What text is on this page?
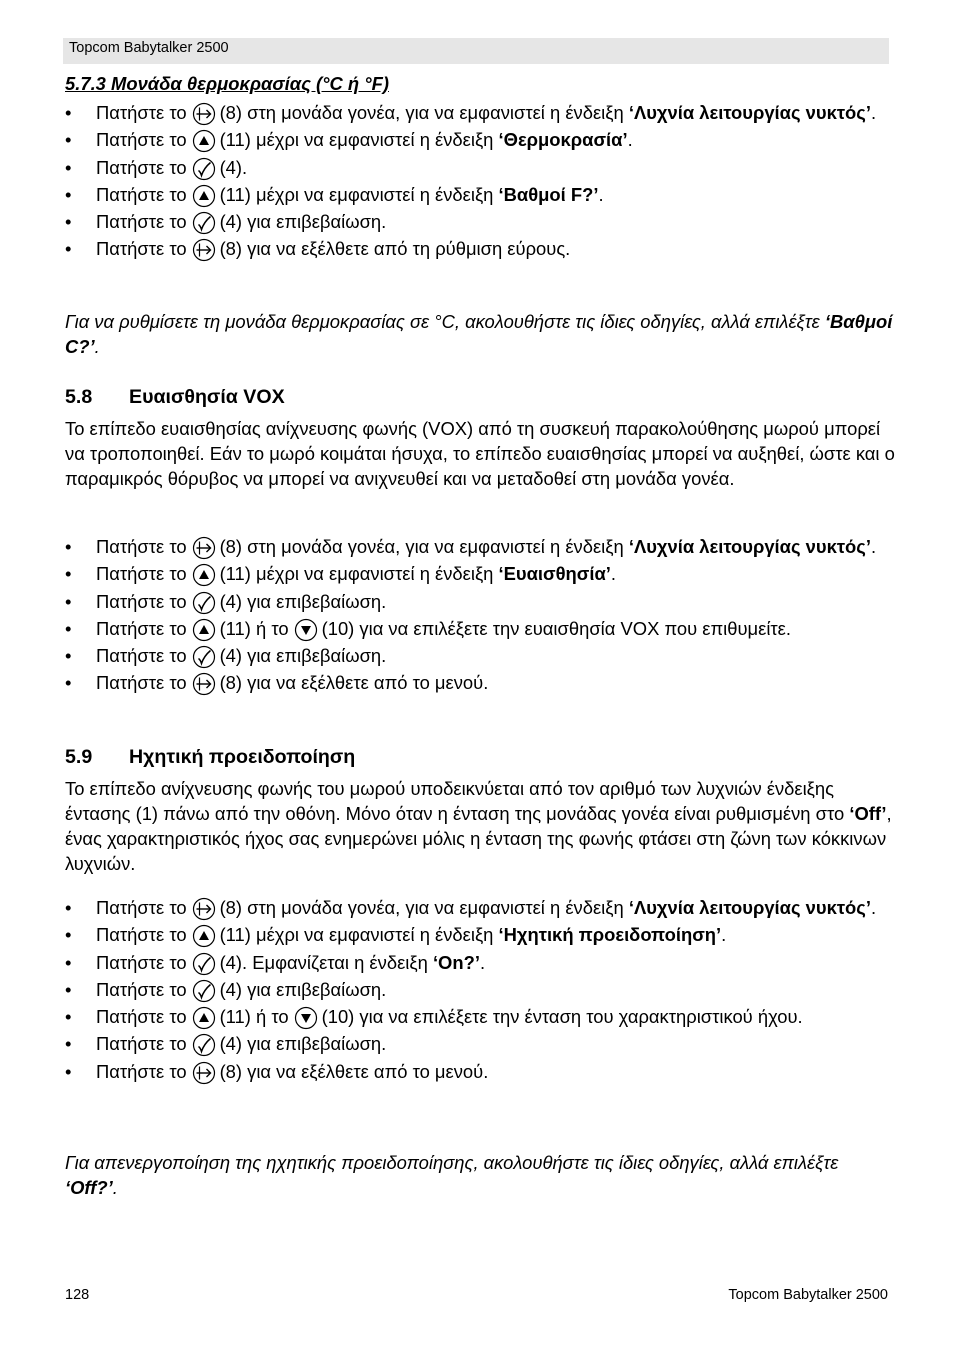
Topcom Babytalker 2500
5.7.3 Μονάδα θερμοκρασίας (°C ή °F)
• Πατήστε το (8) στη μονάδα γονέα, για να εμφανιστεί η ένδειξη ‘Λυχνία λειτουργίας νυκτός’.
• Πατήστε το (11) μέχρι να εμφανιστεί η ένδειξη ‘Θερμοκρασία’.
• Πατήστε το (4).
• Πατήστε το (11) μέχρι να εμφανιστεί η ένδειξη ‘Βαθμοί F?’.
• Πατήστε το (4) για επιβεβαίωση.
• Πατήστε το (8) για να εξέλθετε από τη ρύθμιση εύρους.
Για να ρυθμίσετε τη μονάδα θερμοκρασίας σε °C, ακολουθήστε τις ίδιες οδηγίες, αλλά επιλέξτε ‘Βαθμοί C?’.
5.8 Ευαισθησία VOX
Το επίπεδο ευαισθησίας ανίχνευσης φωνής (VOX) από τη συσκευή παρακολούθησης μωρού μπορεί να τροποποιηθεί. Εάν το μωρό κοιμάται ήσυχα, το επίπεδο ευαισθησίας μπορεί να αυξηθεί, ώστε και ο παραμικρός θόρυβος να μπορεί να ανιχνευθεί και να μεταδοθεί στη μονάδα γονέα.
• Πατήστε το (8) στη μονάδα γονέα, για να εμφανιστεί η ένδειξη ‘Λυχνία λειτουργίας νυκτός’.
• Πατήστε το (11) μέχρι να εμφανιστεί η ένδειξη ‘Ευαισθησία’.
• Πατήστε το (4) για επιβεβαίωση.
• Πατήστε το (11) ή το (10) για να επιλέξετε την ευαισθησία VOX που επιθυμείτε.
• Πατήστε το (4) για επιβεβαίωση.
• Πατήστε το (8) για να εξέλθετε από το μενού.
5.9 Ηχητική προειδοποίηση
Το επίπεδο ανίχνευσης φωνής του μωρού υποδεικνύεται από τον αριθμό των λυχνιών ένδειξης έντασης (1) πάνω από την οθόνη. Μόνο όταν η ένταση της μονάδας γονέα είναι ρυθμισμένη στο ‘Off’, ένας χαρακτηριστικός ήχος σας ενημερώνει μόλις η ένταση της φωνής φτάσει στη ζώνη των κόκκινων λυχνιών.
• Πατήστε το (8) στη μονάδα γονέα, για να εμφανιστεί η ένδειξη ‘Λυχνία λειτουργίας νυκτός’.
• Πατήστε το (11) μέχρι να εμφανιστεί η ένδειξη ‘Ηχητική προειδοποίηση’.
• Πατήστε το (4). Εμφανίζεται η ένδειξη ‘On?’.
• Πατήστε το (4) για επιβεβαίωση.
• Πατήστε το (11) ή το (10) για να επιλέξετε την ένταση του χαρακτηριστικού ήχου.
• Πατήστε το (4) για επιβεβαίωση.
• Πατήστε το (8) για να εξέλθετε από το μενού.
Για απενεργοποίηση της ηχητικής προειδοποίησης, ακολουθήστε τις ίδιες οδηγίες, αλλά επιλέξτε ‘Off?’.
128	Topcom Babytalker 2500
